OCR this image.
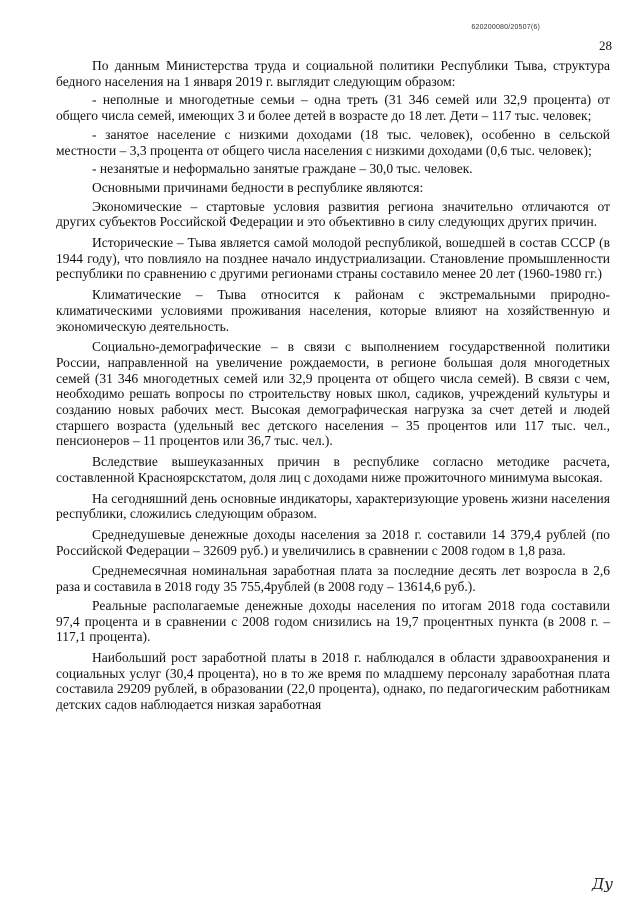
620200080/20507(6)
28

По данным Министерства труда и социальной политики Республики Тыва, структура бедного населения на 1 января 2019 г. выглядит следующим образом:

- неполные и многодетные семьи – одна треть (31 346 семей или 32,9 процента) от общего числа семей, имеющих 3 и более детей в возрасте до 18 лет. Дети – 117 тыс. человек;

- занятое население с низкими доходами (18 тыс. человек), особенно в сельской местности – 3,3 процента от общего числа населения с низкими доходами (0,6 тыс. человек);

- незанятые и неформально занятые граждане – 30,0 тыс. человек.

Основными причинами бедности в республике являются:

Экономические – стартовые условия развития региона значительно отличаются от других субъектов Российской Федерации и это объективно в силу следующих других причин.

Исторические – Тыва является самой молодой республикой, вошедшей в состав СССР (в 1944 году), что повлияло на позднее начало индустриализации. Становление промышленности республики по сравнению с другими регионами страны составило менее 20 лет (1960-1980 гг.)

Климатические – Тыва относится к районам с экстремальными природно-климатическими условиями проживания населения, которые влияют на хозяйственную и экономическую деятельность.

Социально-демографические – в связи с выполнением государственной политики России, направленной на увеличение рождаемости, в регионе большая доля многодетных семей (31 346 многодетных семей или 32,9 процента от общего числа семей). В связи с чем, необходимо решать вопросы по строительству новых школ, садиков, учреждений культуры и созданию новых рабочих мест. Высокая демографическая нагрузка за счет детей и людей старшего возраста (удельный вес детского населения – 35 процентов или 117 тыс. чел., пенсионеров – 11 процентов или 36,7 тыс. чел.).

Вследствие вышеуказанных причин в республике согласно методике расчета, составленной Красноярскстатом, доля лиц с доходами ниже прожиточного минимума высокая.

На сегодняшний день основные индикаторы, характеризующие уровень жизни населения республики, сложились следующим образом.

Среднедушевые денежные доходы населения за 2018 г. составили 14 379,4 рублей (по Российской Федерации – 32609 руб.) и увеличились в сравнении с 2008 годом в 1,8 раза.

Среднемесячная номинальная заработная плата за последние десять лет возросла в 2,6 раза и составила в 2018 году 35 755,4рублей (в 2008 году – 13614,6 руб.).

Реальные располагаемые денежные доходы населения по итогам 2018 года составили 97,4 процента и в сравнении с 2008 годом снизились на 19,7 процентных пункта (в 2008 г. – 117,1 процента).

Наибольший рост заработной платы в 2018 г. наблюдался в области здравоохранения и социальных услуг (30,4 процента), но в то же время по младшему персоналу заработная плата составила 29209 рублей, в образовании (22,0 процента), однако, по педагогическим работникам детских садов наблюдается низкая заработная

Ду
